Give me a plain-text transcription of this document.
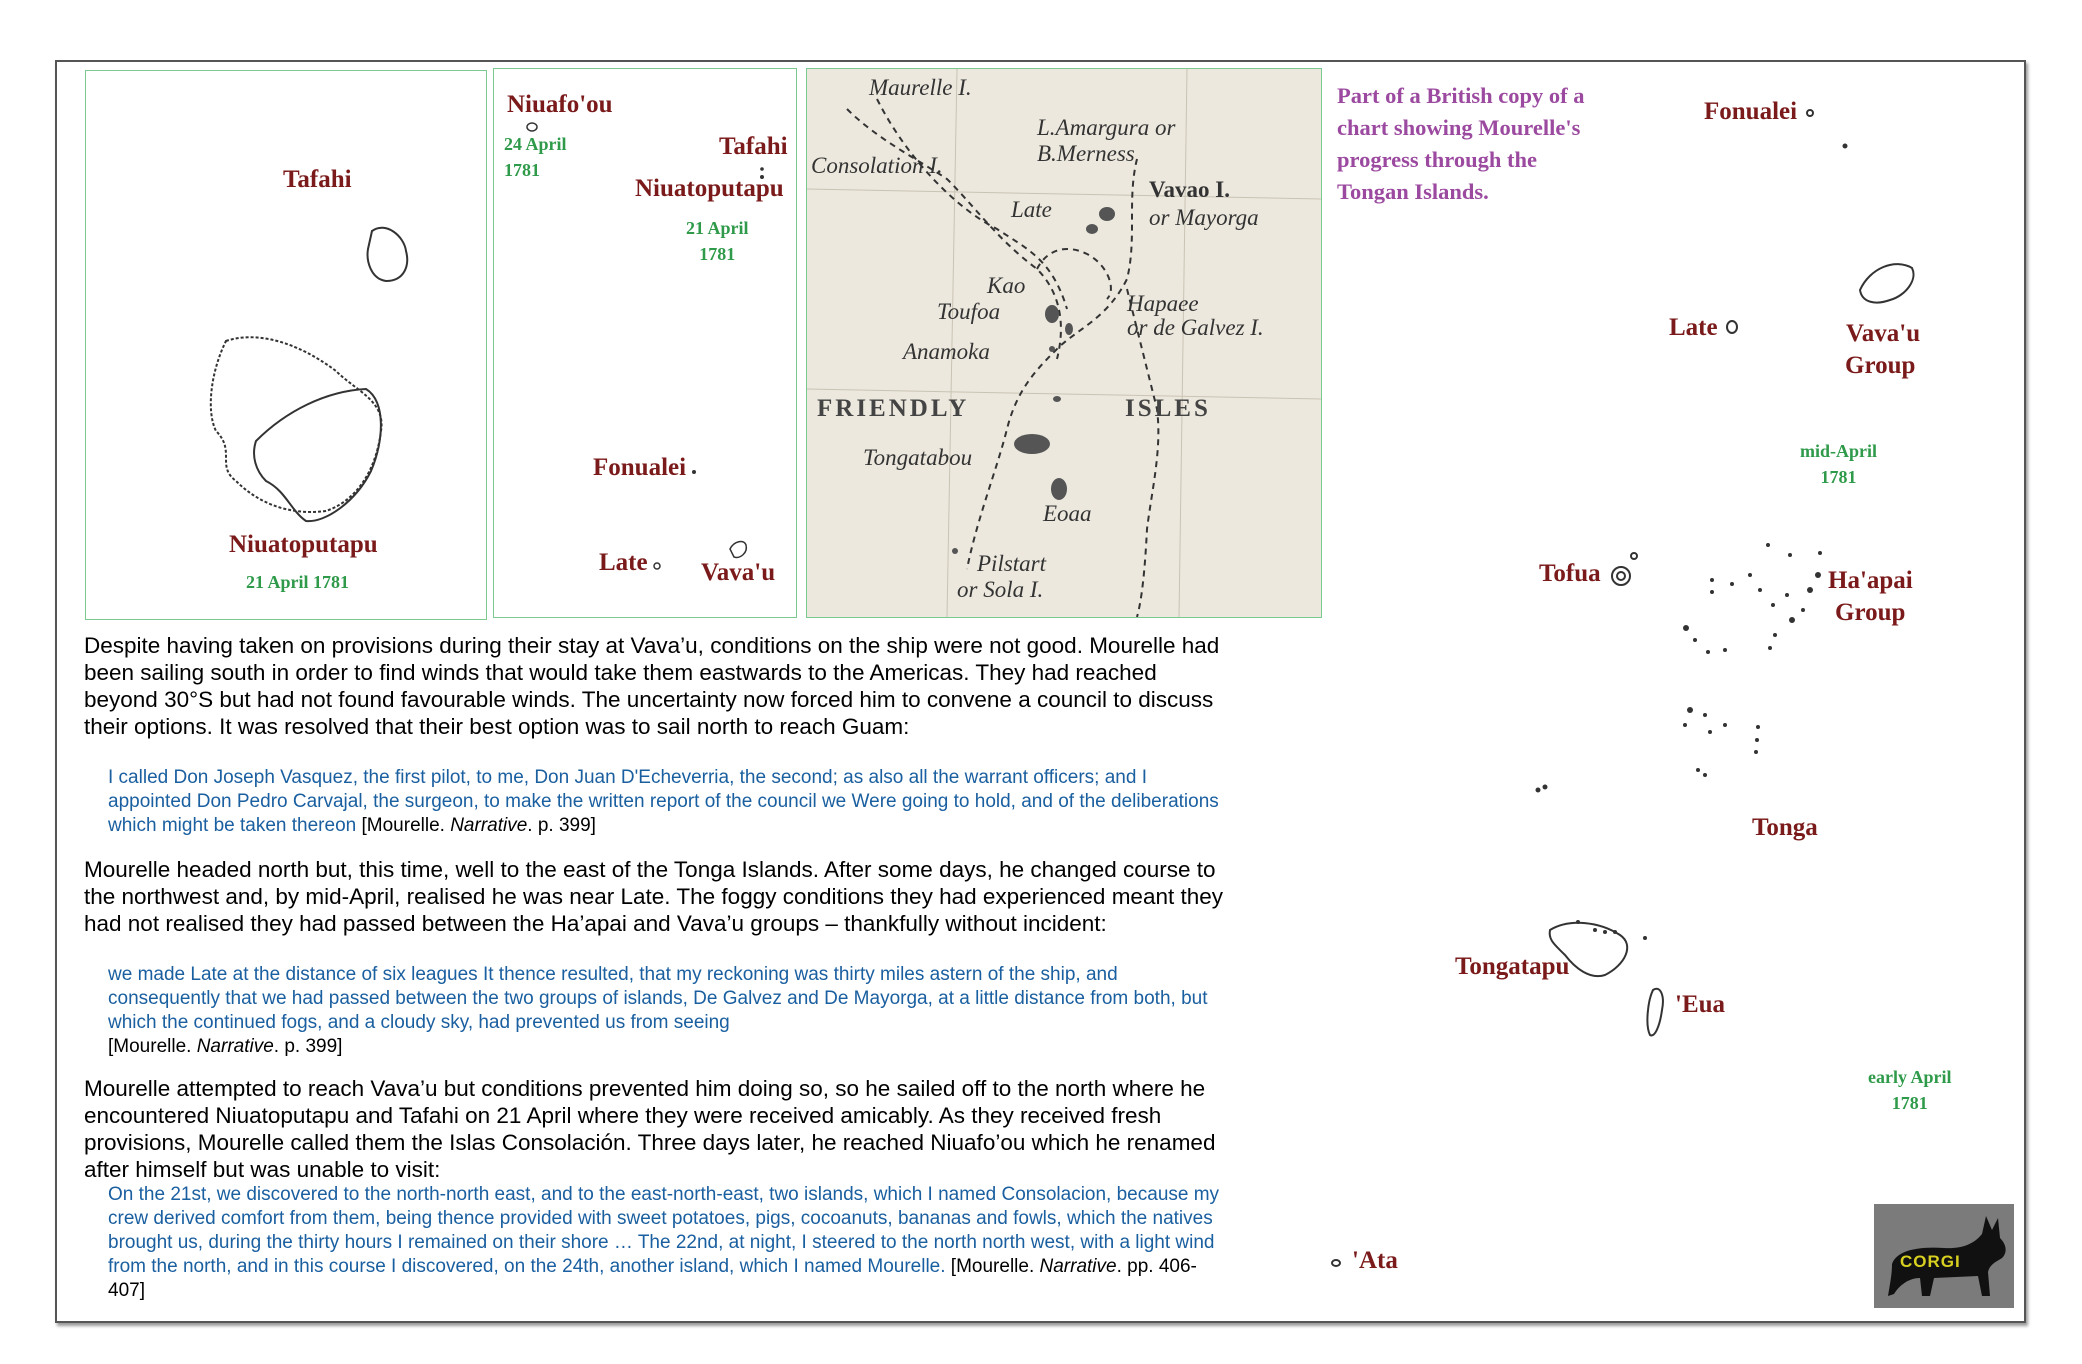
Tafahi
Niuatoputapu
21 April 1781
Niuafo'ou
24 April
1781
Tafahi
Niuatoputapu
21 April
1781
Fonualei
Late Vava'u
Maurelle I.
Consolation I.
L.Amargura or
B.Merness
Vavao I.
or Mayorga
Late
Kao
Toufoa	Hapaee
or de Galvez I.
Anamoka
FRIENDLY	ISLES
Tongatabou
Eoaa
Pilstart
or Sola I.

Part of a British copy of a chart showing Mourelle's progress through the Tongan Islands.

Fonualei
Late	Vava'u
Group
mid-April
1781
Tofua	Ha'apai
Group
Tonga
Tongatapu
'Eua
early April
1781
'Ata

Despite having taken on provisions during their stay at Vava’u, conditions on the ship were not good. Mourelle had been sailing south in order to find winds that would take them eastwards to the Americas. They had reached beyond 30°S but had not found favourable winds. The uncertainty now forced him to convene a council to discuss their options. It was resolved that their best option was to sail north to reach Guam:

I called Don Joseph Vasquez, the first pilot, to me, Don Juan D'Echeverria, the second; as also all the warrant officers; and I appointed Don Pedro Carvajal, the surgeon, to make the written report of the council we Were going to hold, and of the deliberations which might be taken thereon [Mourelle. Narrative. p. 399]

Mourelle headed north but, this time, well to the east of the Tonga Islands. After some days, he changed course to the northwest and, by mid-April, realised he was near Late. The foggy conditions they had experienced meant they had not realised they had passed between the Ha’apai and Vava’u groups – thankfully without incident:

we made Late at the distance of six leagues It thence resulted, that my reckoning was thirty miles astern of the ship, and consequently that we had passed between the two groups of islands, De Galvez and De Mayorga, at a little distance from both, but which the continued fogs, and a cloudy sky, had prevented us from seeing
[Mourelle. Narrative. p. 399]

Mourelle attempted to reach Vava’u but conditions prevented him doing so, so he sailed off to the north where he encountered Niuatoputapu and Tafahi on 21 April where they were received amicably. As they received fresh provisions, Mourelle called them the Islas Consolación. Three days later, he reached Niuafo’ou which he renamed after himself but was unable to visit:

On the 21st, we discovered to the north-north east, and to the east-north-east, two islands, which I named Consolacion, because my crew derived comfort from them, being thence provided with sweet potatoes, pigs, cocoanuts, bananas and fowls, which the natives brought us, during the thirty hours I remained on their shore … The 22nd, at night, I steered to the north north west, with a light wind from the north, and in this course I discovered, on the 24th, another island, which I named Mourelle. [Mourelle. Narrative. pp. 406-407]

CORGI
